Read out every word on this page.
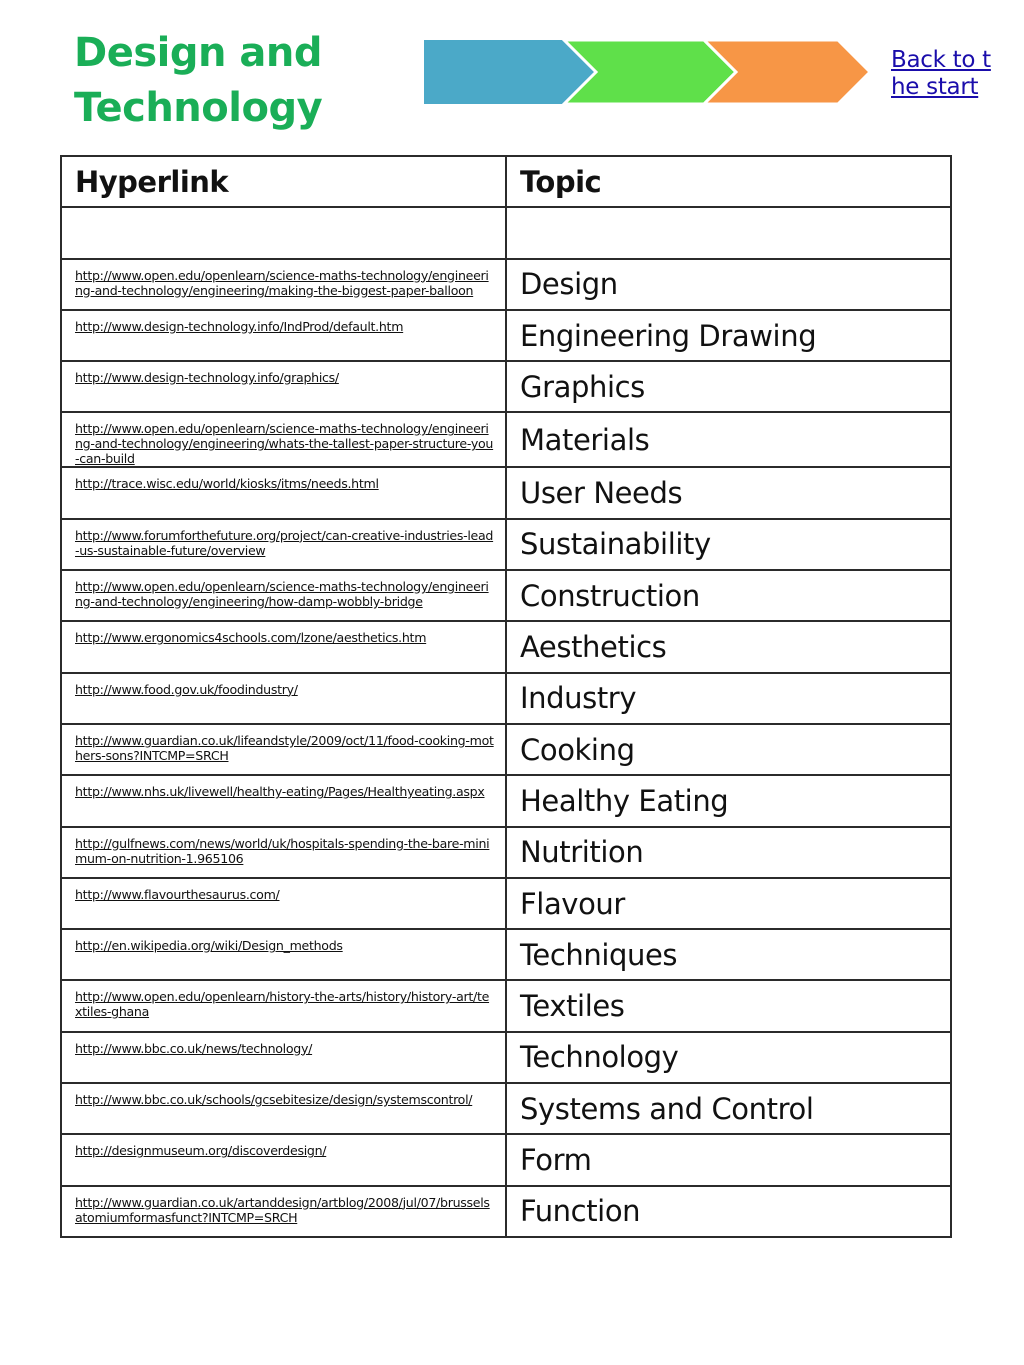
Design and
Technology
Back to the start
Hyperlink	Topic

http://www.open.edu/openlearn/science-maths-technology/engineering-and-technology/engineering/making-the-biggest-paper-balloon	Design

http://www.design-technology.info/IndProd/default.htm	Engineering Drawing

http://www.design-technology.info/graphics/	Graphics

http://www.open.edu/openlearn/science-maths-technology/engineering-and-technology/engineering/whats-the-tallest-paper-structure-you-can-build	Materials

http://trace.wisc.edu/world/kiosks/itms/needs.html	User Needs

http://www.forumforthefuture.org/project/can-creative-industries-lead-us-sustainable-future/overview	Sustainability

http://www.open.edu/openlearn/science-maths-technology/engineering-and-technology/engineering/how-damp-wobbly-bridge	Construction

http://www.ergonomics4schools.com/lzone/aesthetics.htm	Aesthetics

http://www.food.gov.uk/foodindustry/	Industry

http://www.guardian.co.uk/lifeandstyle/2009/oct/11/food-cooking-mothers-sons?INTCMP=SRCH	Cooking

http://www.nhs.uk/livewell/healthy-eating/Pages/Healthyeating.aspx	Healthy Eating

http://gulfnews.com/news/world/uk/hospitals-spending-the-bare-minimum-on-nutrition-1.965106	Nutrition

http://www.flavourthesaurus.com/	Flavour

http://en.wikipedia.org/wiki/Design_methods	Techniques

http://www.open.edu/openlearn/history-the-arts/history/history-art/textiles-ghana	Textiles

http://www.bbc.co.uk/news/technology/	Technology

http://www.bbc.co.uk/schools/gcsebitesize/design/systemscontrol/	Systems and Control

http://designmuseum.org/discoverdesign/	Form

http://www.guardian.co.uk/artanddesign/artblog/2008/jul/07/brusselsatomiumformasfunct?INTCMP=SRCH	Function
